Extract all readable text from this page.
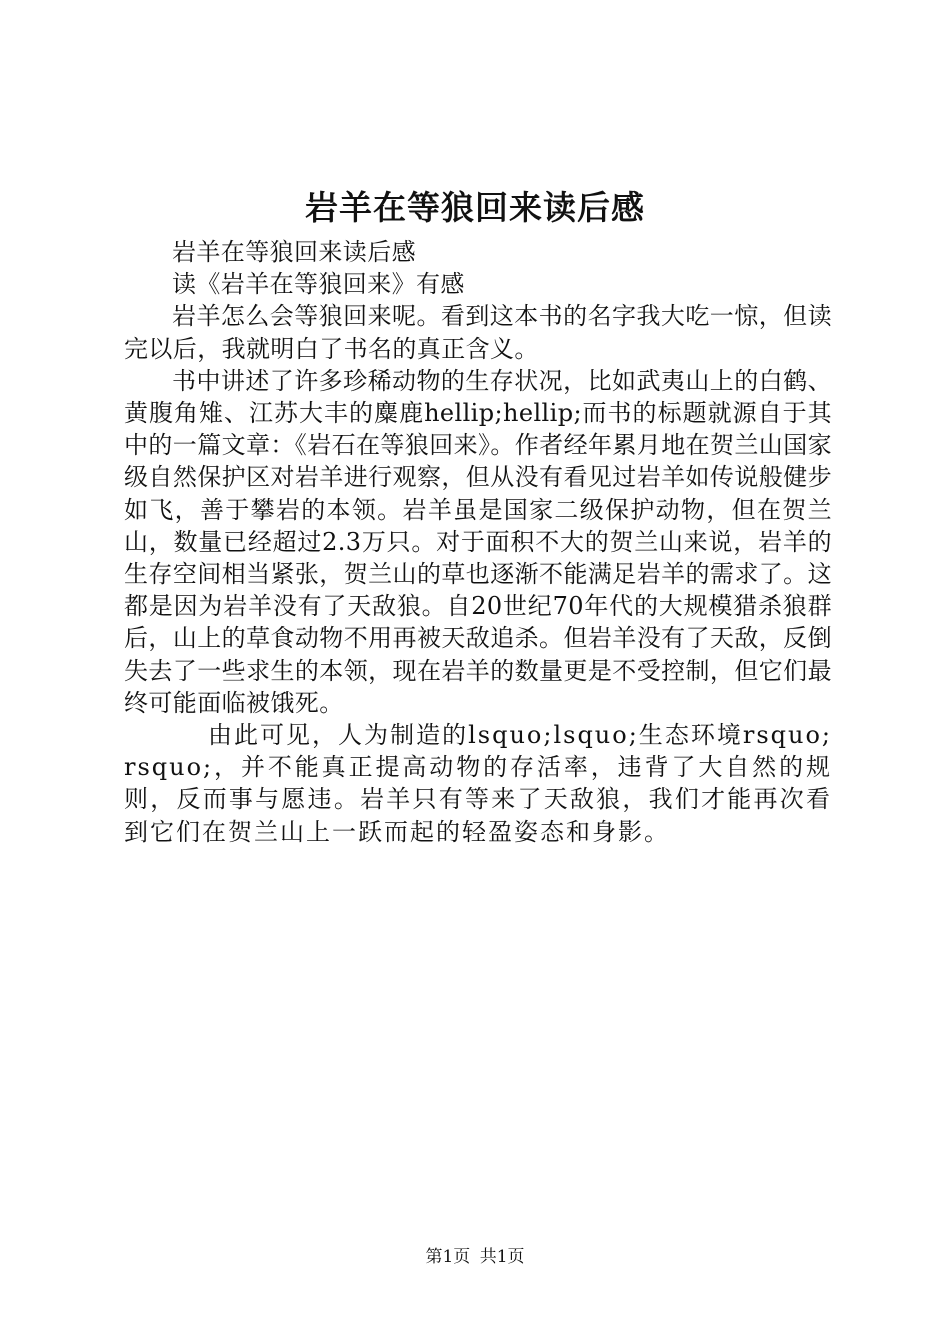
岩羊在等狼回来读后感

岩羊在等狼回来读后感

读《岩羊在等狼回来》有感

岩羊怎么会等狼回来呢。看到这本书的名字我大吃一惊，但读完以后，我就明白了书名的真正含义。

书中讲述了许多珍稀动物的生存状况，比如武夷山上的白鹤、黄腹角雉、江苏大丰的麋鹿hellip;hellip;而书的标题就源自于其中的一篇文章：《岩石在等狼回来》。作者经年累月地在贺兰山国家级自然保护区对岩羊进行观察，但从没有看见过岩羊如传说般健步如飞，善于攀岩的本领。岩羊虽是国家二级保护动物，但在贺兰山，数量已经超过2.3万只。对于面积不大的贺兰山来说，岩羊的生存空间相当紧张，贺兰山的草也逐渐不能满足岩羊的需求了。这都是因为岩羊没有了天敌狼。自20世纪70年代的大规模猎杀狼群后，山上的草食动物不用再被天敌追杀。但岩羊没有了天敌，反倒失去了一些求生的本领，现在岩羊的数量更是不受控制，但它们最终可能面临被饿死。

由此可见，人为制造的lsquo;lsquo;生态环境rsquo;rsquo;，并不能真正提高动物的存活率，违背了大自然的规则，反而事与愿违。岩羊只有等来了天敌狼，我们才能再次看到它们在贺兰山上一跃而起的轻盈姿态和身影。

第1页 共1页
